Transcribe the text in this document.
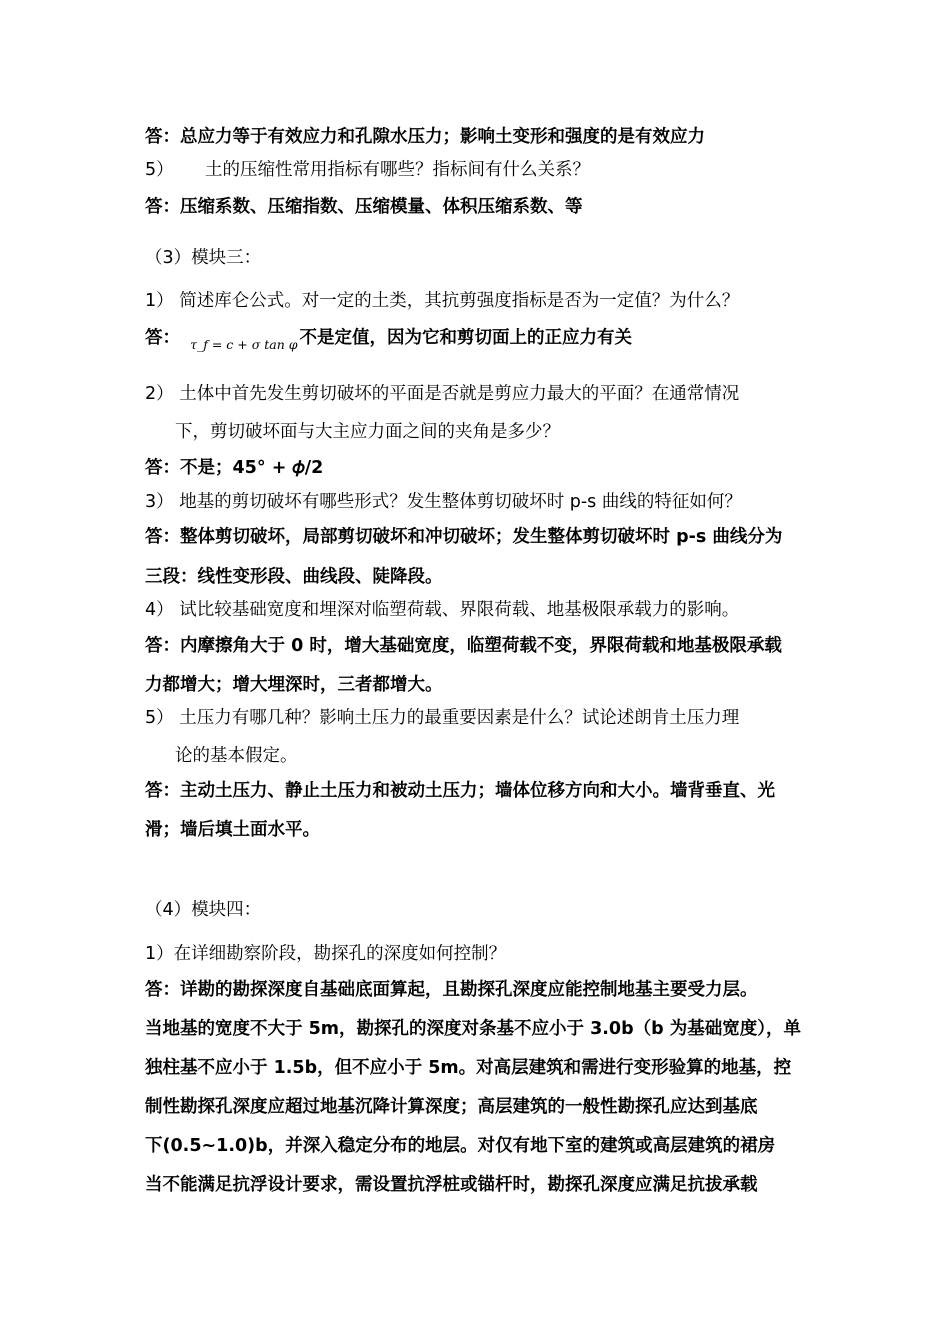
答：总应力等于有效应力和孔隙水压力；影响土变形和强度的是有效应力
5） 土的压缩性常用指标有哪些？指标间有什么关系？
答：压缩系数、压缩指数、压缩模量、体积压缩系数、等
（3）模块三：
1） 简述库仑公式。对一定的土类，其抗剪强度指标是否为一定值？为什么？
答： $_{\tau\_f = c + \sigma tan \varphi}$ 不是定值，因为它和剪切面上的正应力有关
2） 土体中首先发生剪切破坏的平面是否就是剪应力最大的平面？在通常情况
下，剪切破坏面与大主应力面之间的夹角是多少？
答：不是；45° + 𝜙/2
3） 地基的剪切破坏有哪些形式？发生整体剪切破坏时 p-s 曲线的特征如何？
答：整体剪切破坏，局部剪切破坏和冲切破坏；发生整体剪切破坏时 p-s 曲线分为
三段：线性变形段、曲线段、陡降段。
4） 试比较基础宽度和埋深对临塑荷载、界限荷载、地基极限承载力的影响。
答：内摩擦角大于 0 时，增大基础宽度，临塑荷载不变，界限荷载和地基极限承载
力都增大；增大埋深时，三者都增大。
5） 土压力有哪几种？影响土压力的最重要因素是什么？试论述朗肯土压力理
论的基本假定。
答：主动土压力、静止土压力和被动土压力；墙体位移方向和大小。墙背垂直、光
滑；墙后填土面水平。
（4）模块四：
1）在详细勘察阶段，勘探孔的深度如何控制？
答：详勘的勘探深度自基础底面算起，且勘探孔深度应能控制地基主要受力层。
当地基的宽度不大于 5m，勘探孔的深度对条基不应小于 3.0b（b 为基础宽度），单
独柱基不应小于 1.5b，但不应小于 5m。对高层建筑和需进行变形验算的地基，控
制性勘探孔深度应超过地基沉降计算深度；高层建筑的一般性勘探孔应达到基底
下(0.5~1.0)b，并深入稳定分布的地层。对仅有地下室的建筑或高层建筑的裙房
当不能满足抗浮设计要求，需设置抗浮桩或锚杆时，勘探孔深度应满足抗拔承载
